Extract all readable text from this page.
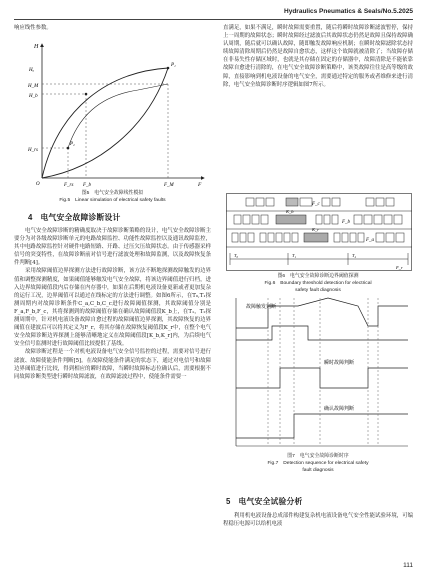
Hydraulics Pneumatics & Seals/No.5.2025

响应线性参数。

H
Hₐ
H_M
H_b
H_rs
O	F_rs F_b	F_M	F
P₁
P₂
图5　电气安全故障线性模拟
Fig.5　Linear simulation of electrical safety faults
4　电气安全故障诊断设计

电气安全故障诊断的精确度取决于故障诊断策略的设计，电气安全故障诊断主要分为对各级故障诊断单元的电路故障监控、功能性故障监控以及通讯故障监控，其中电路故障监控针对硬件电路短路、开路、过压欠压故障状态。由于传感器采样信号的突变特性，在故障诊断前对信号进行滤波处理和故障监测，以及故障恢复条件判断[4]。

采用故障阈值边界探测方法进行故障诊断，该方法不断地探测故障触发的边界值和调整探测精度，如果阈值能够触发电气安全故障，将该边界阈值进行归档，进入边界故障阈值段内后存储在内存器中，如果在后期机电液设备更新或者更加复杂的运行工况，边界阈值可以通过在线标定的方法进行调整。如图6所示，在T₀,T₁探测周期内对故障诊断条件C_a,C_b,C_c进行故障阈值探测，其故障阈值分别是F_a,F_b,F_c，其将探测到的故障阈值存储在确认故障阈值段K_b上，在T₁，T₂探测周期中，针对机电液设备故障自愈过程的故障阈值边界探测，其故障恢复的边界阈值在建波后可以将其定义为F_r，将其存储在故障恢复阈值段K_r中，在整个电气安全故障诊断边界探测上能够清晰地定义在故障阈值段[K_b,K_r]内，为后续电气安全信号监测时进行故障阈值比较提供了基线。

故障诊断过程是一个对机电液设备电气安全信号监控的过程，需要对信号进行滤波、故障使能条件判断[5]。在故障使能条件满足的状态下，通过对电信号和故障边界阈值进行比较，得到相应的瞬时故障，当瞬时故障标志位确认后，需要根据不同故障诊断类型进行瞬时故障滤波，在故障滤波过程中，使能条件需要一

直满足，如果不满足，瞬时故障需要重置，随后将瞬时故障诊断滤波暂停，保持上一周期的故障状态；瞬时故障经过滤波后其故障状态仍然是故障且保持故障确认周期，随后就可以确认故障，随即触发故障响应机制；在瞬时故障滤除状态持续故障清除周期后仍然是故障自愈状态，这样这个故障就被清除了；当故障存储在非易失性存储区域时，也就是其存储在固定的存储器中，故障清除是不能依靠故障自愈进行清除的，在电气安全故障诊断策略中，该类故障往往是高等级的故障，直接影响到机电液设备的电气安全，需要通过特定的服务或者维修来进行清除，电气安全故障诊断时序逻辑如图7所示。

F_c
F_b
F_a
K_b
K_r
T₀	T₁	T₂
F_r
图6　电气安全故障诊断边界阈值探测
Fig.6　Boundary threshold detection for electrical
safety fault diagnosis
故障触发判断
瞬时故障判断
确认故障判断
图7　电气安全故障诊断时序
Fig.7　Detection sequence for electrical safety
fault diagnosis
5　电气安全试验分析

利用机电液设备总成部件构建复杂机电液设备电气安全性能试验环境，可编程稳压电源可以给机电液

111
